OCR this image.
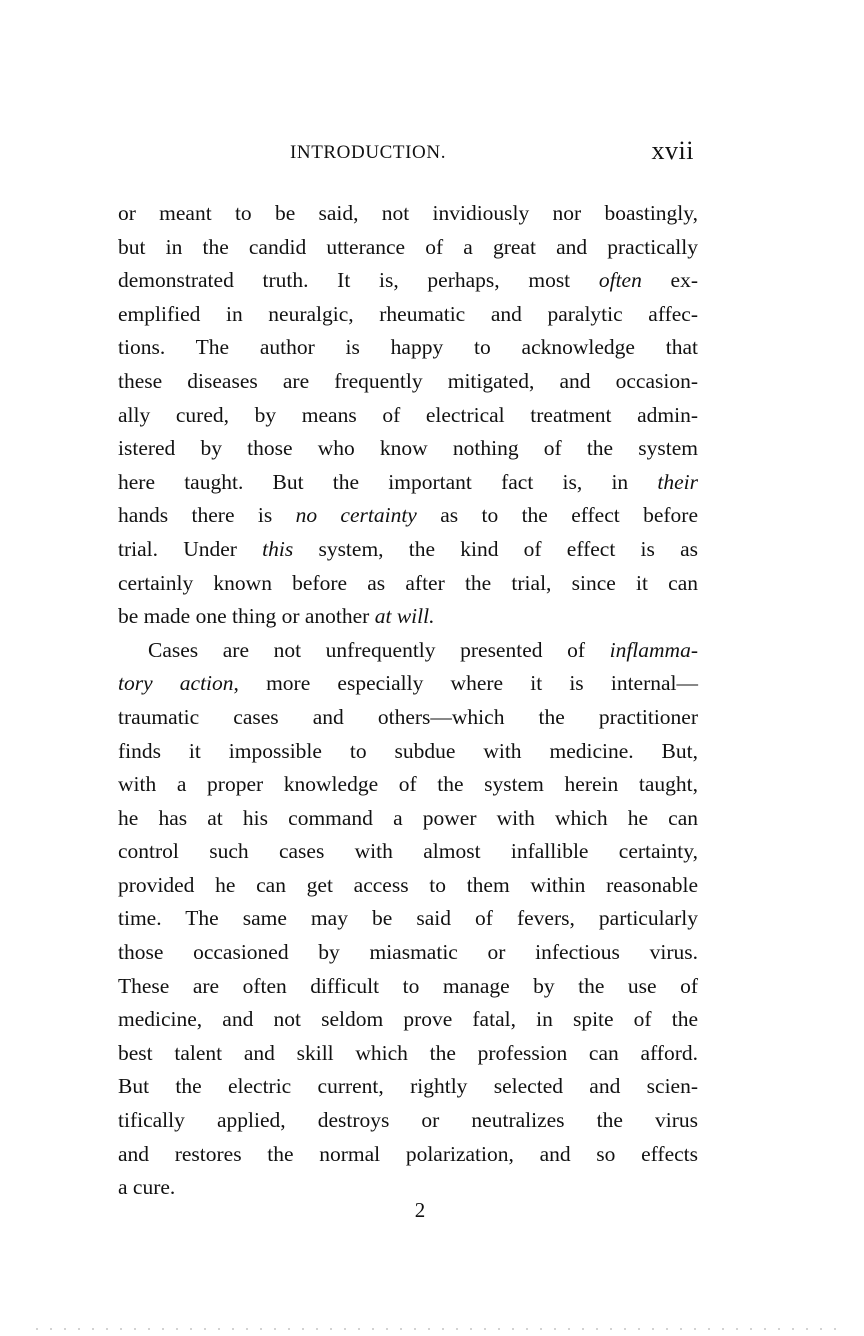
INTRODUCTION.	xvii
or meant to be said, not invidiously nor boastingly,
but in the candid utterance of a great and practically
demonstrated truth. It is, perhaps, most often ex-
emplified in neuralgic, rheumatic and paralytic affec-
tions. The author is happy to acknowledge that
these diseases are frequently mitigated, and occasion-
ally cured, by means of electrical treatment admin-
istered by those who know nothing of the system
here taught. But the important fact is, in their
hands there is no certainty as to the effect before
trial. Under this system, the kind of effect is as
certainly known before as after the trial, since it can
be made one thing or another at will.
Cases are not unfrequently presented of inflamma-
tory action, more especially where it is internal—
traumatic cases and others—which the practitioner
finds it impossible to subdue with medicine. But,
with a proper knowledge of the system herein taught,
he has at his command a power with which he can
control such cases with almost infallible certainty,
provided he can get access to them within reasonable
time. The same may be said of fevers, particularly
those occasioned by miasmatic or infectious virus.
These are often difficult to manage by the use of
medicine, and not seldom prove fatal, in spite of the
best talent and skill which the profession can afford.
But the electric current, rightly selected and scien-
tifically applied, destroys or neutralizes the virus
and restores the normal polarization, and so effects
a cure.
2
